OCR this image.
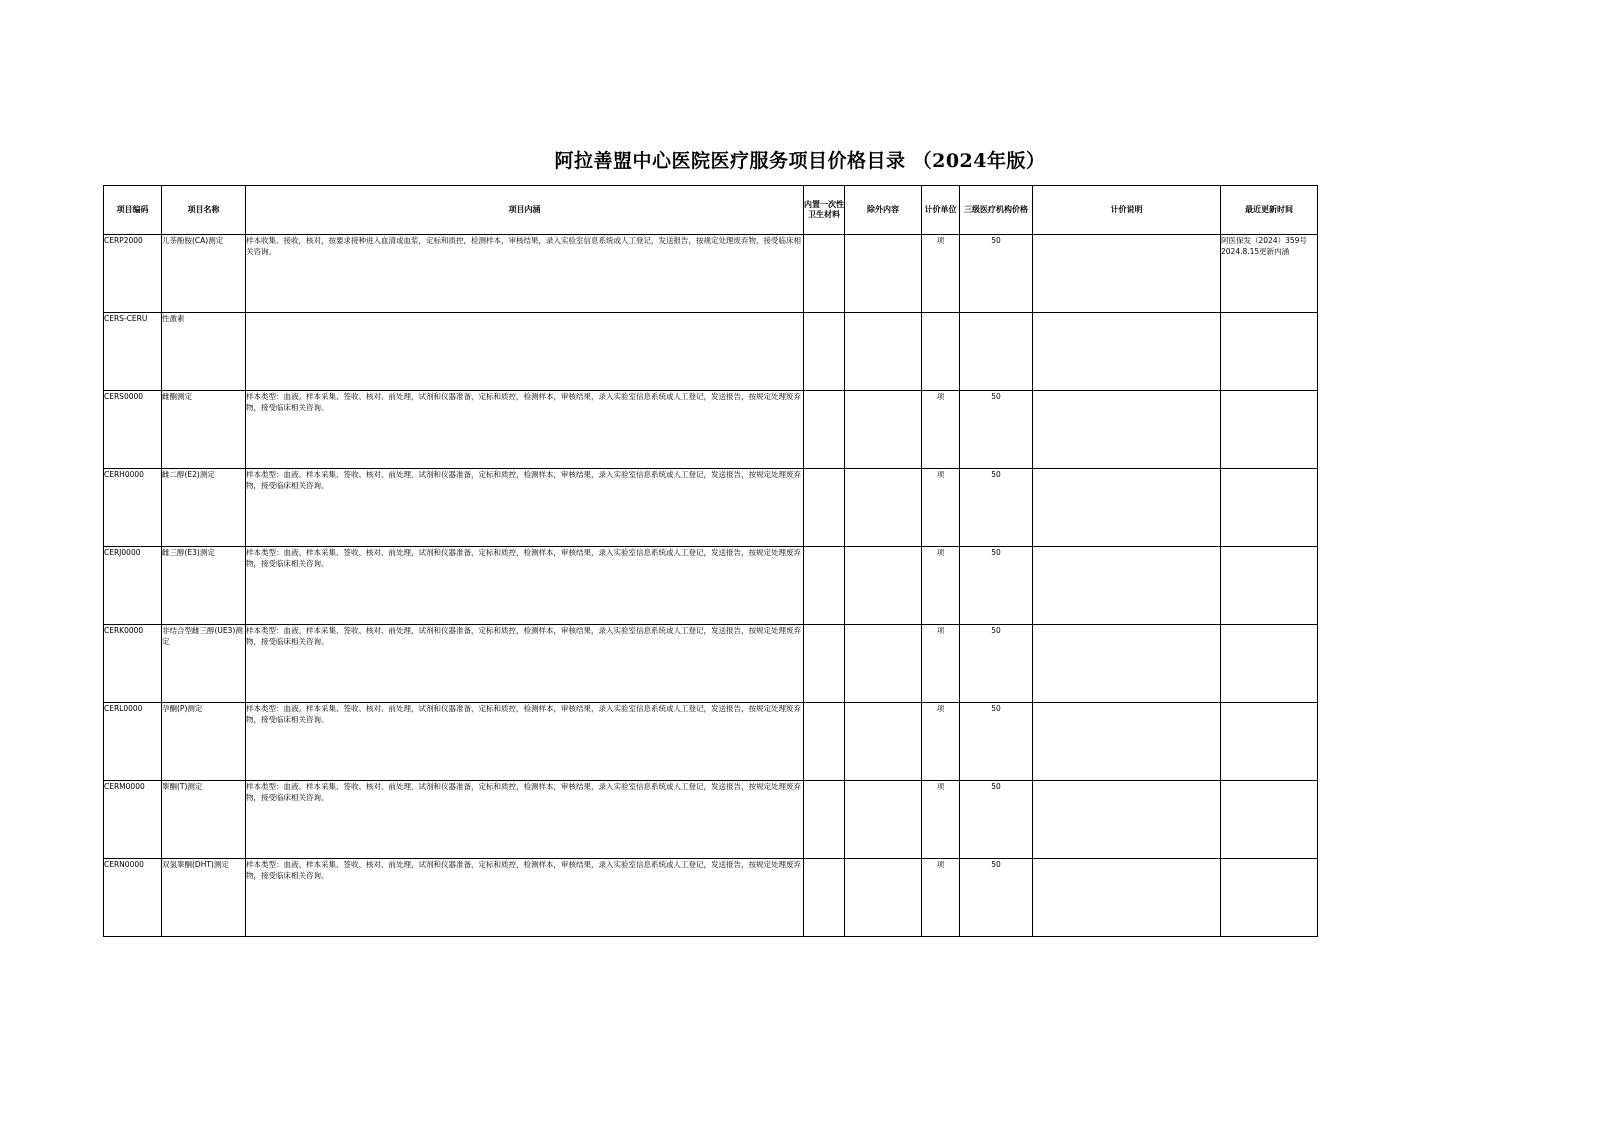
阿拉善盟中心医院医疗服务项目价格目录 （2024年版）
项目编码	项目名称	项目内涵	内置一次性卫生材料	除外内容	计价单位	三级医疗机构价格	计价说明	最近更新时间
CERP2000	儿茶酚胺(CA)测定	样本收集、接收，核对，按要求接种进入血清或血浆，定标和质控，检测样本，审核结果，录入实验室信息系统或人工登记，发送报告，按规定处理废弃物，接受临床相关咨询。			项	50		阿医保发（2024）359号 2024.8.15更新内涵
CERS-CERU	性激素							
CERS0000	雌酮测定	样本类型：血液。样本采集、签收、核对、前处理，试剂和仪器准备，定标和质控，检测样本，审核结果，录入实验室信息系统或人工登记，发送报告，按规定处理废弃物，接受临床相关咨询。			项	50		
CERH0000	雌二醇(E2)测定	样本类型：血液。样本采集、签收、核对、前处理，试剂和仪器准备，定标和质控，检测样本，审核结果，录入实验室信息系统或人工登记，发送报告，按规定处理废弃物，接受临床相关咨询。			项	50		
CERJ0000	雌三醇(E3)测定	样本类型：血液。样本采集、签收、核对、前处理，试剂和仪器准备，定标和质控，检测样本，审核结果，录入实验室信息系统或人工登记，发送报告，按规定处理废弃物，接受临床相关咨询。			项	50		
CERK0000	非结合型雌三醇(UE3)测定	样本类型：血液。样本采集、签收、核对、前处理，试剂和仪器准备，定标和质控，检测样本，审核结果，录入实验室信息系统或人工登记，发送报告，按规定处理废弃物，接受临床相关咨询。			项	50		
CERL0000	孕酮(P)测定	样本类型：血液。样本采集、签收、核对、前处理，试剂和仪器准备，定标和质控，检测样本，审核结果，录入实验室信息系统或人工登记，发送报告，按规定处理废弃物，接受临床相关咨询。			项	50		
CERM0000	睾酮(T)测定	样本类型：血液。样本采集、签收、核对、前处理，试剂和仪器准备，定标和质控，检测样本，审核结果，录入实验室信息系统或人工登记，发送报告，按规定处理废弃物，接受临床相关咨询。			项	50		
CERN0000	双氢睾酮(DHT)测定	样本类型：血液。样本采集、签收、核对、前处理，试剂和仪器准备，定标和质控，检测样本，审核结果，录入实验室信息系统或人工登记，发送报告，按规定处理废弃物，接受临床相关咨询。			项	50		
